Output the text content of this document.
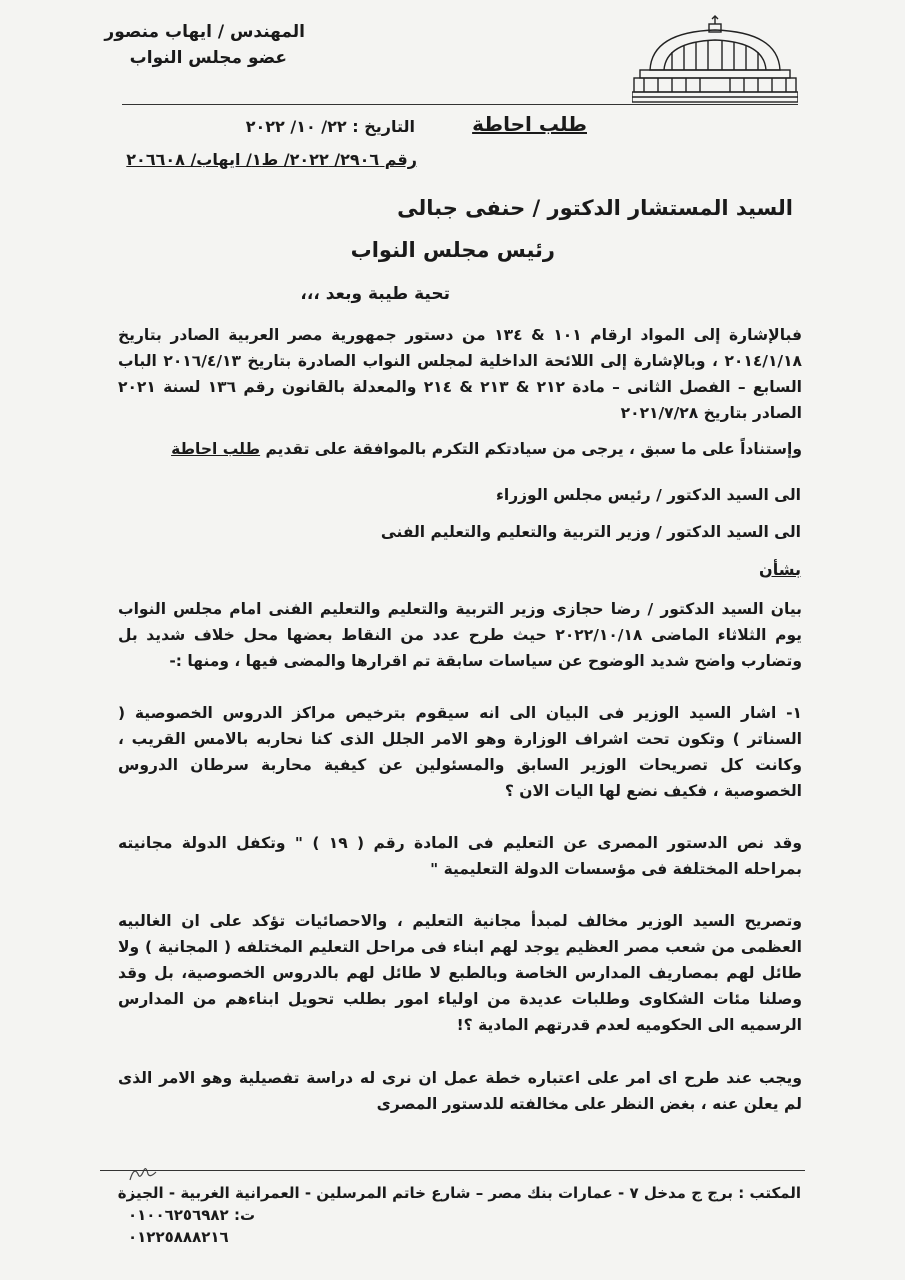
المهندس / ايهاب منصور
عضو مجلس النواب
طلب احاطة
التاريخ : ٢٢/ ١٠/ ٢٠٢٢
رقم ٢٩٠٦/ ٢٠٢٢/ ط١/ ايهاب/ ٢٠٦٦٠٨
السيد المستشار الدكتور / حنفى جبالى
رئيس مجلس النواب
تحية طيبة وبعد ،،،
فبالإشارة إلى المواد ارقام ١٠١ & ١٣٤ من دستور جمهورية مصر العربية الصادر بتاريخ ٢٠١٤/١/١٨ ، وبالإشارة إلى اللائحة الداخلية لمجلس النواب الصادرة بتاريخ ٢٠١٦/٤/١٣ الباب السابع – الفصل الثانى – مادة ٢١٢ & ٢١٣ & ٢١٤ والمعدلة بالقانون رقم ١٣٦ لسنة ٢٠٢١ الصادر بتاريخ ٢٠٢١/٧/٢٨
وإستناداً على ما سبق ، يرجى من سيادتكم التكرم بالموافقة على تقديم طلب احاطة
الى السيد الدكتور / رئيس مجلس الوزراء
الى السيد الدكتور / وزير التربية والتعليم والتعليم الفنى
بشأن
بيان السيد الدكتور / رضا حجازى وزير التربية والتعليم والتعليم الفنى امام مجلس النواب يوم الثلاثاء الماضى ٢٠٢٢/١٠/١٨ حيث طرح عدد من النقاط بعضها محل خلاف شديد بل وتضارب واضح شديد الوضوح عن سياسات سابقة تم اقرارها والمضى فيها ، ومنها :-
١- اشار السيد الوزير فى البيان الى انه سيقوم بترخيص مراكز الدروس الخصوصية ( السناتر ) وتكون تحت اشراف الوزارة وهو الامر الجلل الذى كنا نحاربه بالامس القريب ، وكانت كل تصريحات الوزير السابق والمسئولين عن كيفية محاربة سرطان الدروس الخصوصية ، فكيف نضع لها اليات الان ؟
وقد نص الدستور المصرى عن التعليم فى المادة رقم ( ١٩ ) " وتكفل الدولة مجانيته بمراحله المختلفة فى مؤسسات الدولة التعليمية "
وتصريح السيد الوزير مخالف لمبدأ مجانية التعليم ، والاحصائيات تؤكد على ان الغالبيه العظمى من شعب مصر العظيم يوجد لهم ابناء فى مراحل التعليم المختلفه ( المجانية ) ولا طائل لهم بمصاريف المدارس الخاصة وبالطبع لا طائل لهم بالدروس الخصوصية، بل وقد وصلنا مئات الشكاوى وطلبات عديدة من اولياء امور بطلب تحويل ابناءهم من المدارس الرسميه الى الحكوميه لعدم قدرتهم المادية ؟!
ويجب عند طرح اى امر على اعتباره خطة عمل ان نرى له دراسة تفصيلية وهو الامر الذى لم يعلن عنه ، بغض النظر على مخالفته للدستور المصرى
المكتب : برج ج مدخل ٧ - عمارات بنك مصر – شارع خاتم المرسلين - العمرانية الغربية - الجيزة
ت: ٠١٠٠٦٢٥٦٩٨٢
٠١٢٢٥٨٨٨٢١٦
